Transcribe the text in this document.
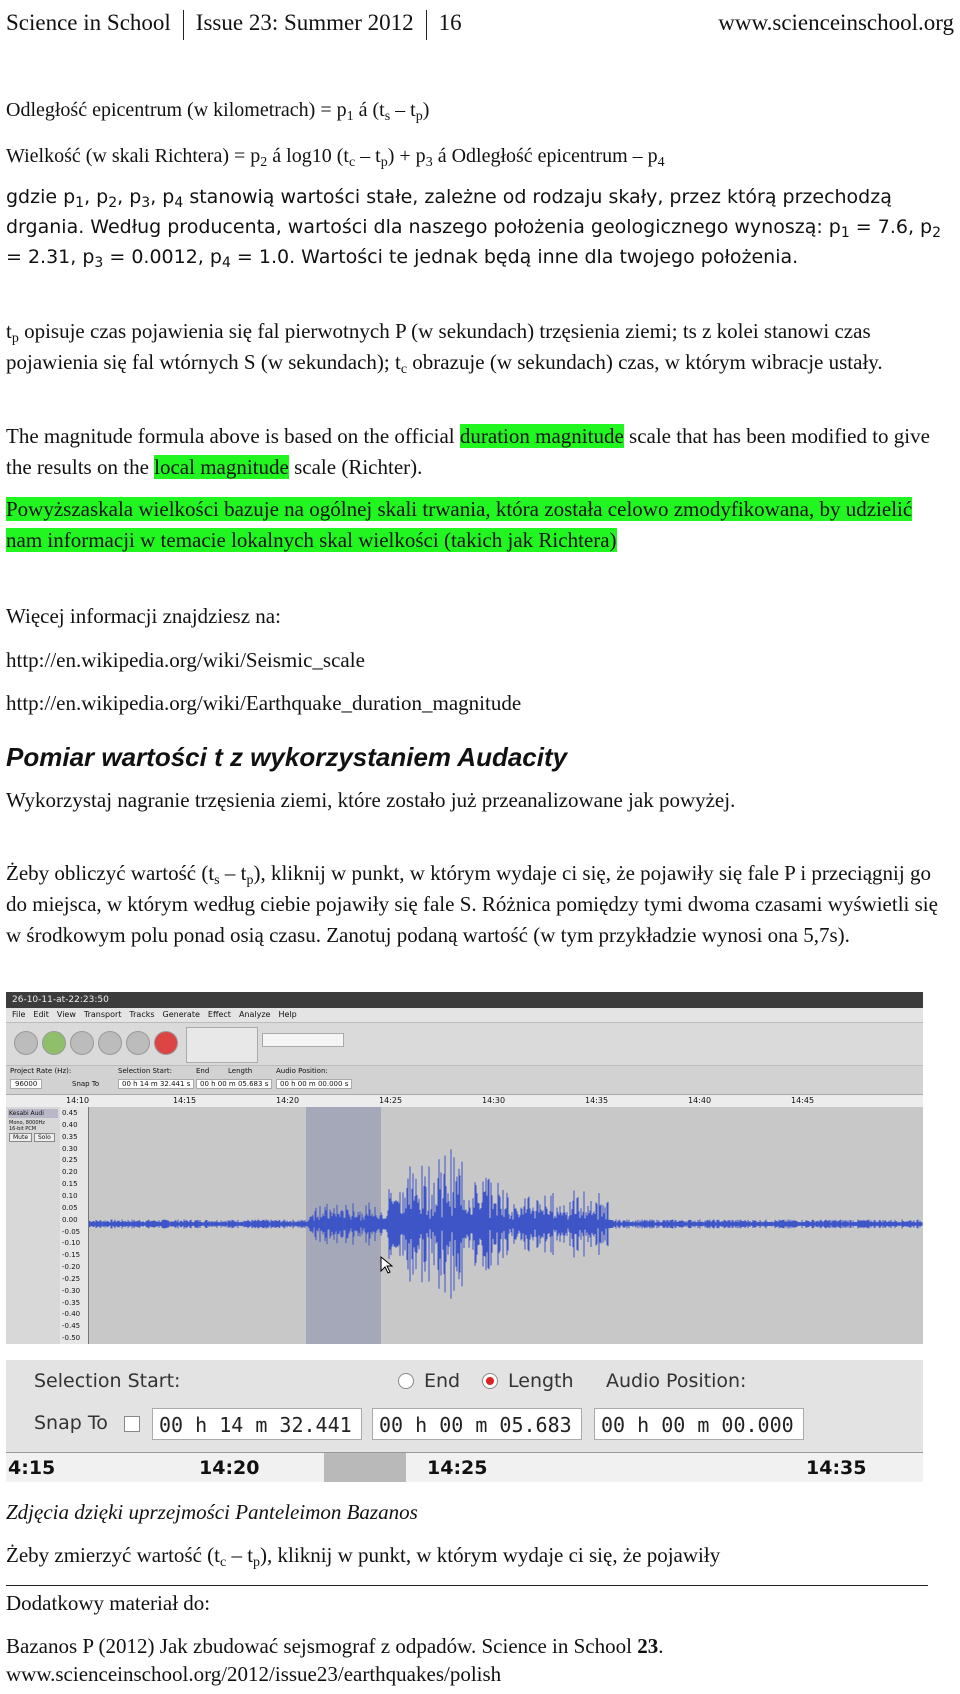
Science in School Issue 23: Summer 2012 16	www.scienceinschool.org

Odległość epicentrum (w kilometrach) = $p_1$ á $(t_s - t_p)$

Wielkość (w skali Richtera) = $p_2$ á log10 $(t_c - t_p) + p_3$ á Odległość epicentrum – $p_4$

gdzie $p_1$, $p_2$, $p_3$, $p_4$ stanowią wartości stałe, zależne od rodzaju skały, przez którą przechodzą drgania. Według producenta, wartości dla naszego położenia geologicznego wynoszą: $p_1 = 7.6$, $p_2 = 2.31$, $p_3 = 0.0012$, $p_4 = 1.0$. Wartości te jednak będą inne dla twojego położenia.

$t_p$ opisuje czas pojawienia się fal pierwotnych P (w sekundach) trzęsienia ziemi; ts z kolei stanowi czas pojawienia się fal wtórnych S (w sekundach); $t_c$ obrazuje (w sekundach) czas, w którym wibracje ustały.

The magnitude formula above is based on the official duration magnitude scale that has been modified to give the results on the local magnitude scale (Richter).

Powyższaskala wielkości bazuje na ogólnej skali trwania, która została celowo zmodyfikowana, by udzielić nam informacji w temacie lokalnych skal wielkości (takich jak Richtera)

Więcej informacji znajdziesz na:

http://en.wikipedia.org/wiki/Seismic_scale

http://en.wikipedia.org/wiki/Earthquake_duration_magnitude

Pomiar wartości t z wykorzystaniem Audacity

Wykorzystaj nagranie trzęsienia ziemi, które zostało już przeanalizowane jak powyżej.

Żeby obliczyć wartość $(t_s - t_p)$, kliknij w punkt, w którym wydaje ci się, że pojawiły się fale P i przeciągnij go do miejsca, w którym według ciebie pojawiły się fale S. Różnica pomiędzy tymi dwoma czasami wyświetli się w środkowym polu ponad osią czasu. Zanotuj podaną wartość (w tym przykładzie wynosi ona 5,7s).

26-10-11-at-22:23:50
File Edit View Transport Tracks Generate Effect Analyze Help
Project Rate (Hz):
96000	Snap To
Selection Start:
00 h 14 m 32.441 s
End	Length
00 h 00 m 05.683 s
Audio Position:
00 h 00 m 00.000 s
14:10	14:15	14:20	14:25	14:30	14:35	14:40	14:45
Kesabi Audi
Mono, 8000Hz
16-bit PCM
Mute Solo
0.45
0.40
0.35
0.30
0.25
0.20
0.15
0.10
0.05
0.00
-0.05
-0.10
-0.15
-0.20
-0.25
-0.30
-0.35
-0.40
-0.45
-0.50
Selection Start:	End	Length Audio Position:
Snap To	00 h 14 m 32.441	00 h 00 m 05.683	00 h 00 m 00.000
4:15	14:20	14:25	14:35

Zdjęcia dzięki uprzejmości Panteleimon Bazanos

Żeby zmierzyć wartość $(t_c - t_p)$, kliknij w punkt, w którym wydaje ci się, że pojawiły

Dodatkowy materiał do:

Bazanos P (2012) Jak zbudować sejsmograf z odpadów. Science in School 23.
www.scienceinschool.org/2012/issue23/earthquakes/polish
